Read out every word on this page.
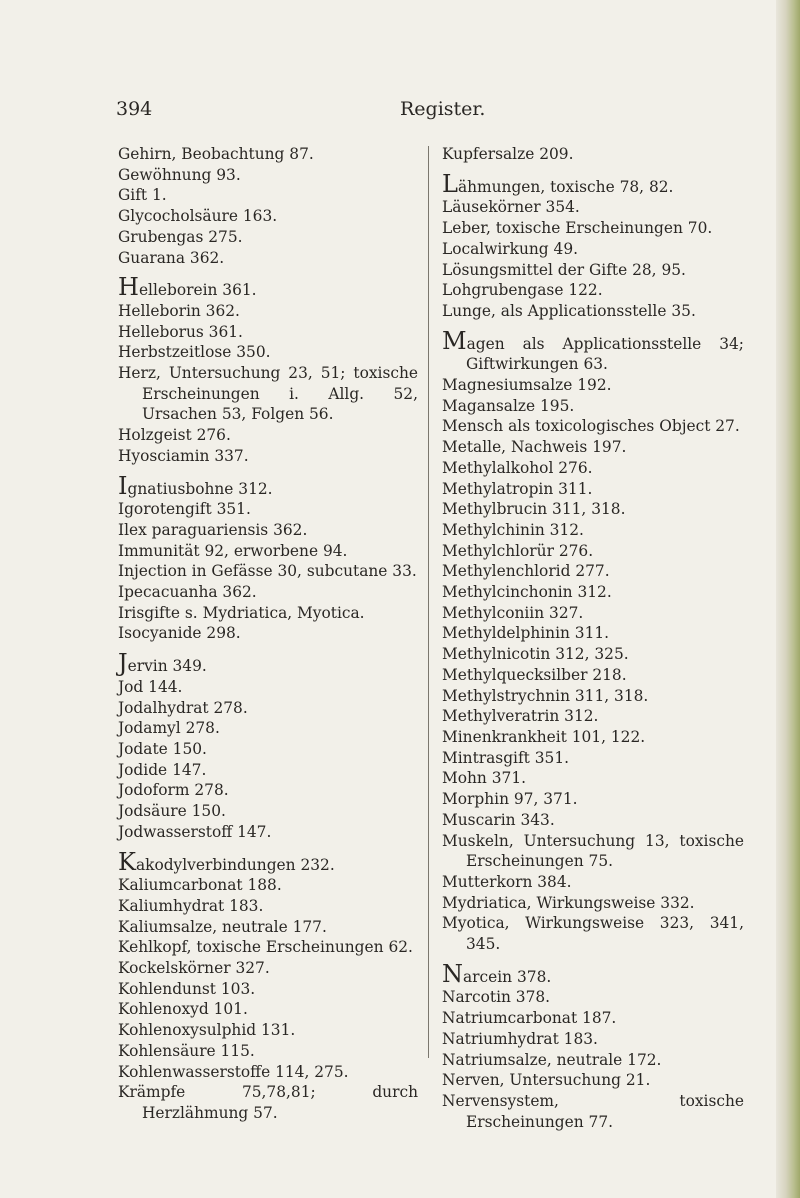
394	Register.
Gehirn, Beobachtung 87.
Gewöhnung 93.
Gift 1.
Glycocholsäure 163.
Grubengas 275.
Guarana 362.
Helleborein 361.
Helleborin 362.
Helleborus 361.
Herbstzeitlose 350.
Herz, Untersuchung 23, 51; toxische Erscheinungen i. Allg. 52, Ursachen 53, Folgen 56.
Holzgeist 276.
Hyosciamin 337.
Ignatiusbohne 312.
Igorotengift 351.
Ilex paraguariensis 362.
Immunität 92, erworbene 94.
Injection in Gefässe 30, subcutane 33.
Ipecacuanha 362.
Irisgifte s. Mydriatica, Myotica.
Isocyanide 298.
Jervin 349.
Jod 144.
Jodalhydrat 278.
Jodamyl 278.
Jodate 150.
Jodide 147.
Jodoform 278.
Jodsäure 150.
Jodwasserstoff 147.
Kakodylverbindungen 232.
Kaliumcarbonat 188.
Kaliumhydrat 183.
Kaliumsalze, neutrale 177.
Kehlkopf, toxische Erscheinungen 62.
Kockelskörner 327.
Kohlendunst 103.
Kohlenoxyd 101.
Kohlenoxysulphid 131.
Kohlensäure 115.
Kohlenwasserstoffe 114, 275.
Krämpfe 75,78,81; durch Herzlähmung 57.
Kupfersalze 209.
Lähmungen, toxische 78, 82.
Läusekörner 354.
Leber, toxische Erscheinungen 70.
Localwirkung 49.
Lösungsmittel der Gifte 28, 95.
Lohgrubengase 122.
Lunge, als Applicationsstelle 35.
Magen als Applicationsstelle 34; Giftwirkungen 63.
Magnesiumsalze 192.
Magansalze 195.
Mensch als toxicologisches Object 27.
Metalle, Nachweis 197.
Methylalkohol 276.
Methylatropin 311.
Methylbrucin 311, 318.
Methylchinin 312.
Methylchlorür 276.
Methylenchlorid 277.
Methylcinchonin 312.
Methylconiin 327.
Methyldelphinin 311.
Methylnicotin 312, 325.
Methylquecksilber 218.
Methylstrychnin 311, 318.
Methylveratrin 312.
Minenkrankheit 101, 122.
Mintrasgift 351.
Mohn 371.
Morphin 97, 371.
Muscarin 343.
Muskeln, Untersuchung 13, toxische Erscheinungen 75.
Mutterkorn 384.
Mydriatica, Wirkungsweise 332.
Myotica, Wirkungsweise 323, 341, 345.
Narcein 378.
Narcotin 378.
Natriumcarbonat 187.
Natriumhydrat 183.
Natriumsalze, neutrale 172.
Nerven, Untersuchung 21.
Nervensystem, toxische Erscheinungen 77.
